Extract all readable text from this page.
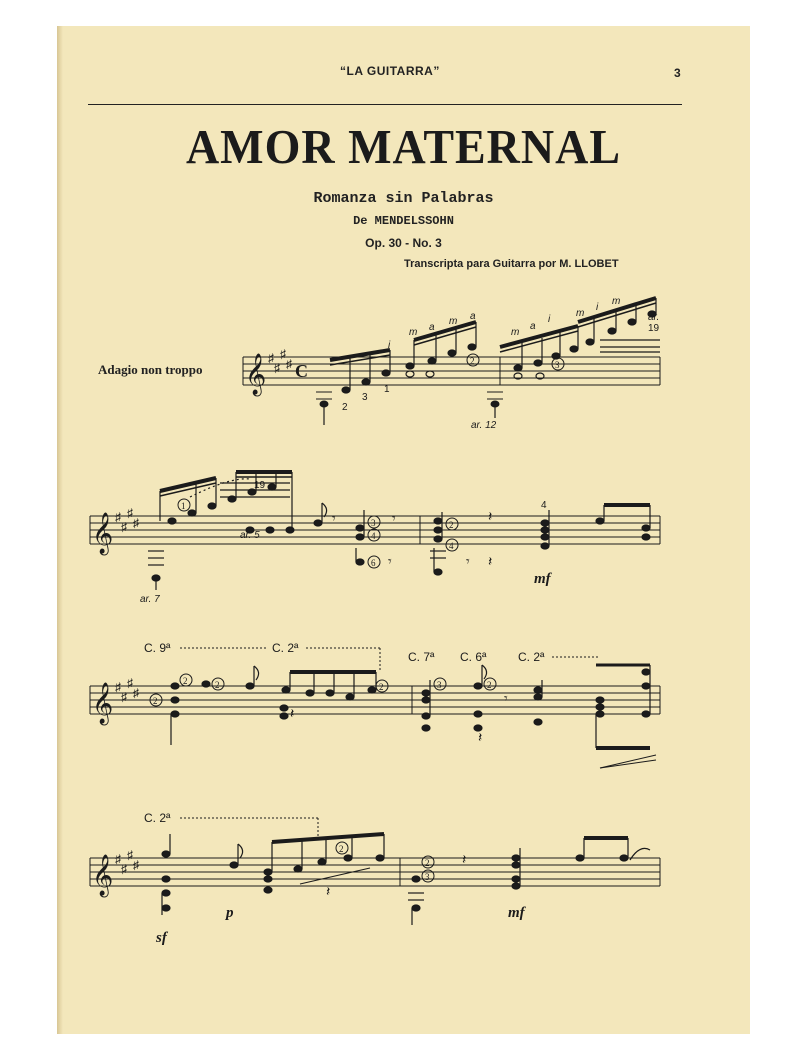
“LA GUITARRA”	3
AMOR MATERNAL
Romanza sin Palabras
De MENDELSSOHN
Op. 30 - No. 3
Transcripta para Guitarra por M. LLOBET
Adagio non troppo 𝄞 ♯
♯
♯
♯ C
m a
m a
m
a
i
m
i
m
i
ar.
19
ar. 12
2
3
1
2	3
𝄞 ♯
♯
♯
♯	𝄾	𝄾	𝄽
𝄾 𝄽
𝄾
ar. 7
19
ar. 5
4
mf
1
3
4
6
2
4
𝄞 ♯
♯
♯
♯
C. 9ª	C. 2ª
C. 7ª C. 6ª	C. 2ª
𝄾
𝄽
𝄽
2	2	2	3	2
2
𝄞 ♯
♯
♯
♯
C. 2ª
𝄽
𝄽
sf
p	mf
2
2
3
